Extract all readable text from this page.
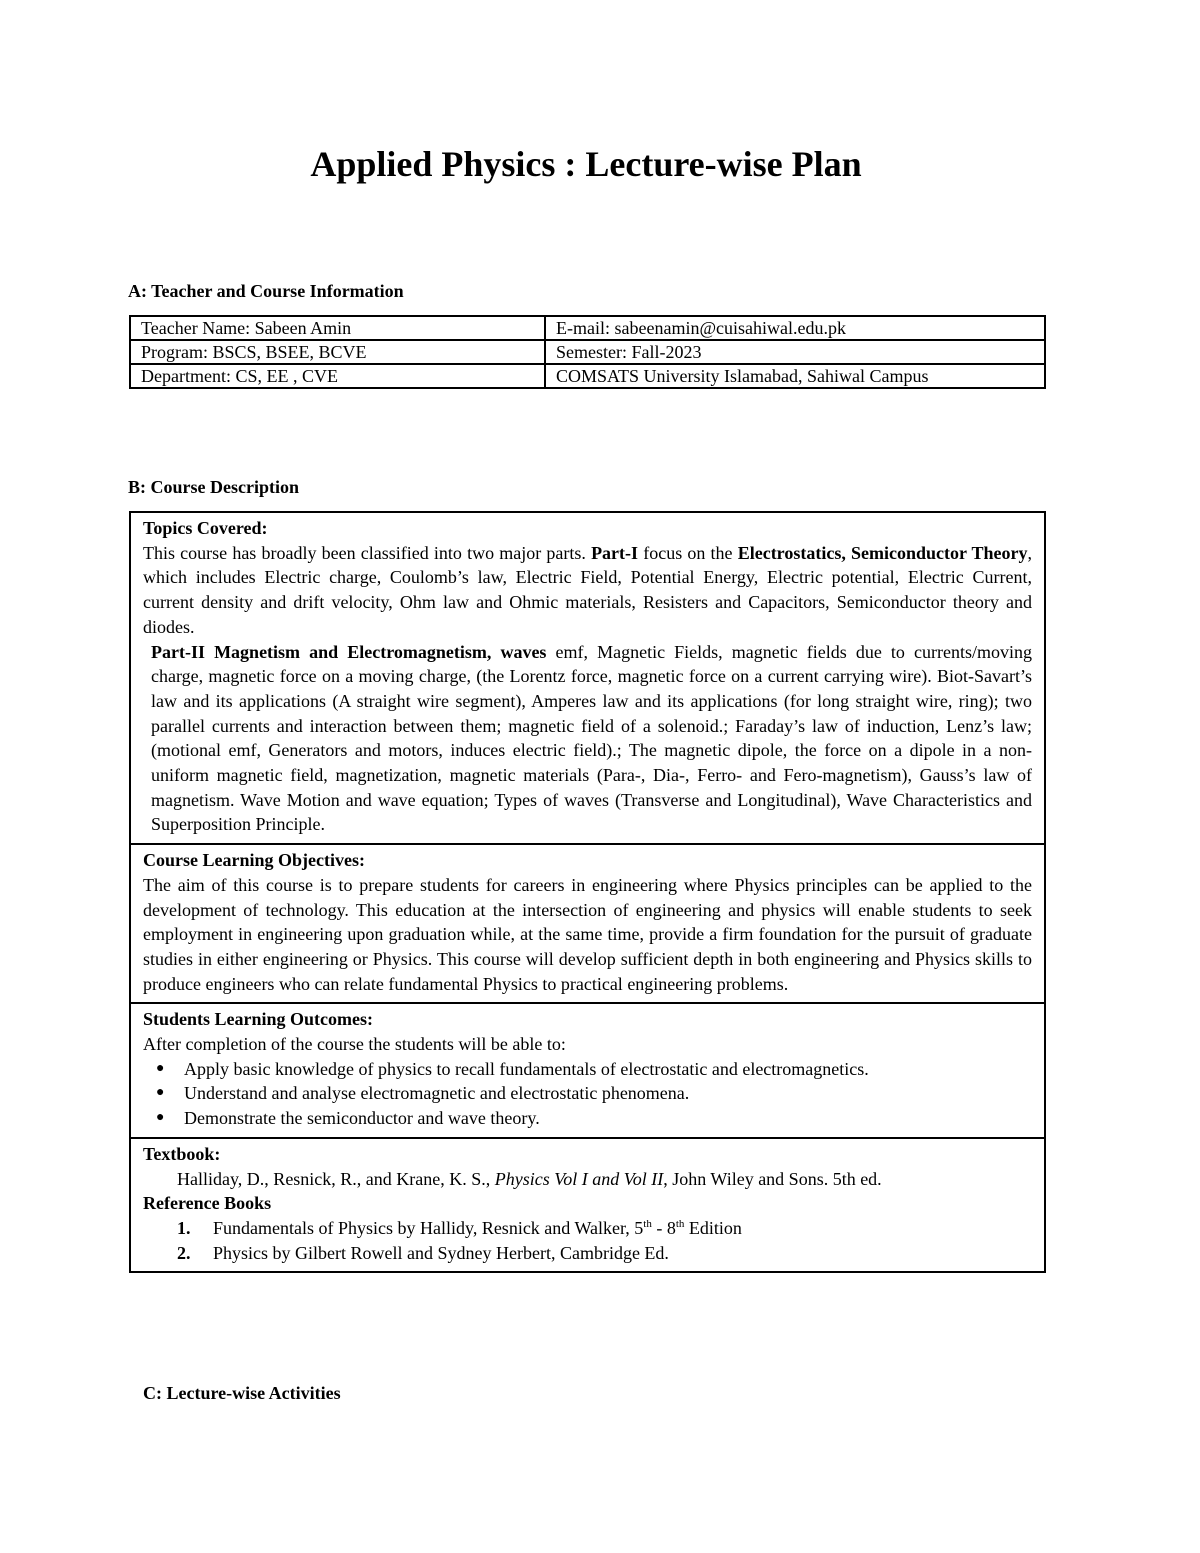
Applied Physics : Lecture-wise Plan
A: Teacher and Course Information
Teacher Name: Sabeen Amin	E-mail: sabeenamin@cuisahiwal.edu.pk
Program: BSCS, BSEE, BCVE	Semester: Fall-2023
Department: CS, EE , CVE	COMSATS University Islamabad, Sahiwal Campus
B: Course Description
Topics Covered:

This course has broadly been classified into two major parts. Part-I focus on the Electrostatics, Semiconductor Theory, which includes Electric charge, Coulomb’s law, Electric Field, Potential Energy, Electric potential, Electric Current, current density and drift velocity, Ohm law and Ohmic materials, Resisters and Capacitors, Semiconductor theory and diodes.

Part-II Magnetism and Electromagnetism, waves emf, Magnetic Fields, magnetic fields due to currents/moving charge, magnetic force on a moving charge, (the Lorentz force, magnetic force on a current carrying wire). Biot-Savart’s law and its applications (A straight wire segment), Amperes law and its applications (for long straight wire, ring); two parallel currents and interaction between them; magnetic field of a solenoid.; Faraday’s law of induction, Lenz’s law; (motional emf, Generators and motors, induces electric field).; The magnetic dipole, the force on a dipole in a non-uniform magnetic field, magnetization, magnetic materials (Para-, Dia-, Ferro- and Fero-magnetism), Gauss’s law of magnetism. Wave Motion and wave equation; Types of waves (Transverse and Longitudinal), Wave Characteristics and Superposition Principle.

Course Learning Objectives:

The aim of this course is to prepare students for careers in engineering where Physics principles can be applied to the development of technology. This education at the intersection of engineering and physics will enable students to seek employment in engineering upon graduation while, at the same time, provide a firm foundation for the pursuit of graduate studies in either engineering or Physics. This course will develop sufficient depth in both engineering and Physics skills to produce engineers who can relate fundamental Physics to practical engineering problems.

Students Learning Outcomes:

After completion of the course the students will be able to:

● Apply basic knowledge of physics to recall fundamentals of electrostatic and electromagnetics.
● Understand and analyse electromagnetic and electrostatic phenomena.
● Demonstrate the semiconductor and wave theory.
Textbook:
Halliday, D., Resnick, R., and Krane, K. S., Physics Vol I and Vol II, John Wiley and Sons. 5th ed.
Reference Books
1. Fundamentals of Physics by Hallidy, Resnick and Walker, 5th - 8th Edition
2. Physics by Gilbert Rowell and Sydney Herbert, Cambridge Ed.
C: Lecture-wise Activities
